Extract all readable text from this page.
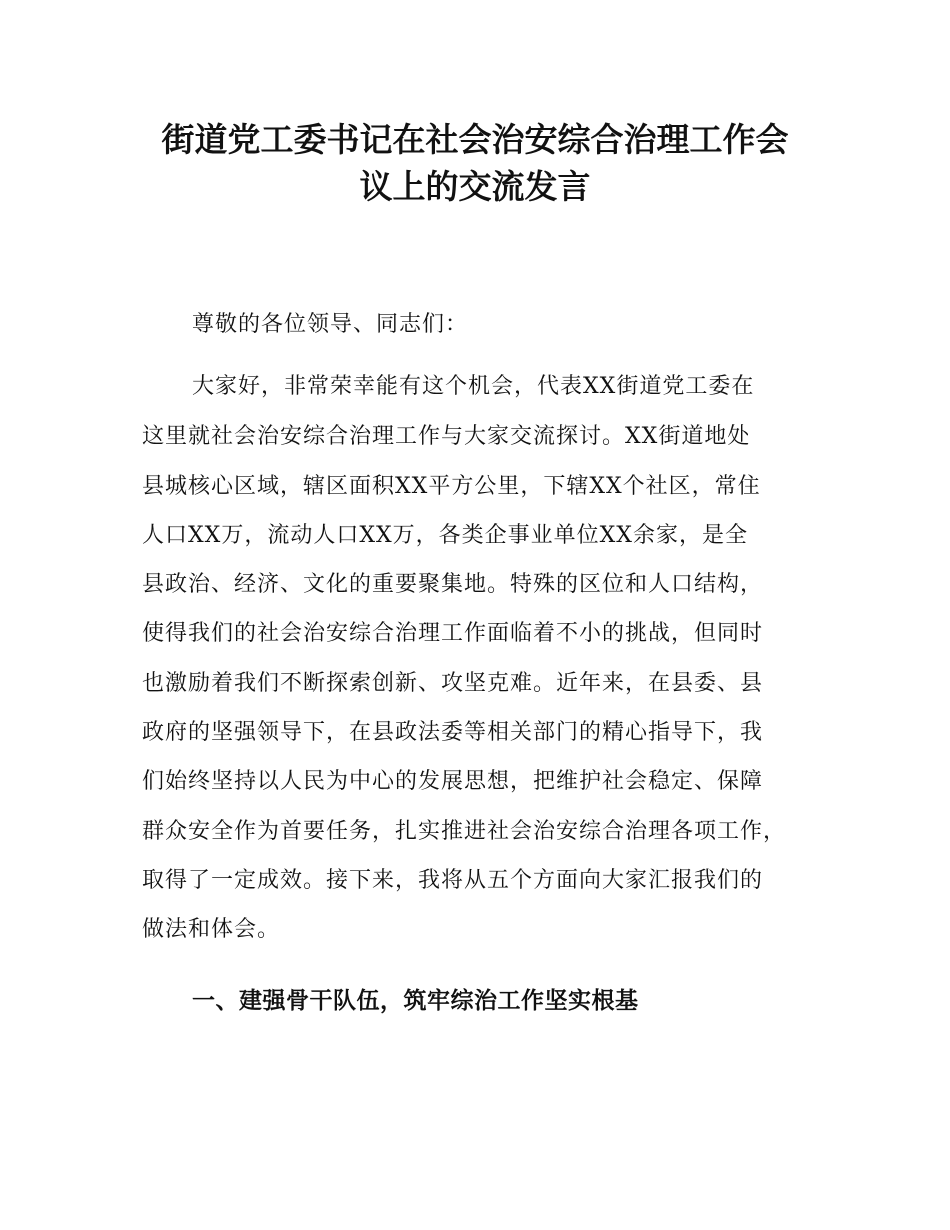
街道党工委书记在社会治安综合治理工作会
议上的交流发言

尊敬的各位领导、同志们：

大家好，非常荣幸能有这个机会，代表XX街道党工委在

这里就社会治安综合治理工作与大家交流探讨。XX街道地处

县城核心区域，辖区面积XX平方公里，下辖XX个社区，常住

人口XX万，流动人口XX万，各类企事业单位XX余家，是全

县政治、经济、文化的重要聚集地。特殊的区位和人口结构，

使得我们的社会治安综合治理工作面临着不小的挑战，但同时

也激励着我们不断探索创新、攻坚克难。近年来，在县委、县

政府的坚强领导下，在县政法委等相关部门的精心指导下，我

们始终坚持以人民为中心的发展思想，把维护社会稳定、保障

群众安全作为首要任务，扎实推进社会治安综合治理各项工作，

取得了一定成效。接下来，我将从五个方面向大家汇报我们的

做法和体会。

一、建强骨干队伍，筑牢综治工作坚实根基
